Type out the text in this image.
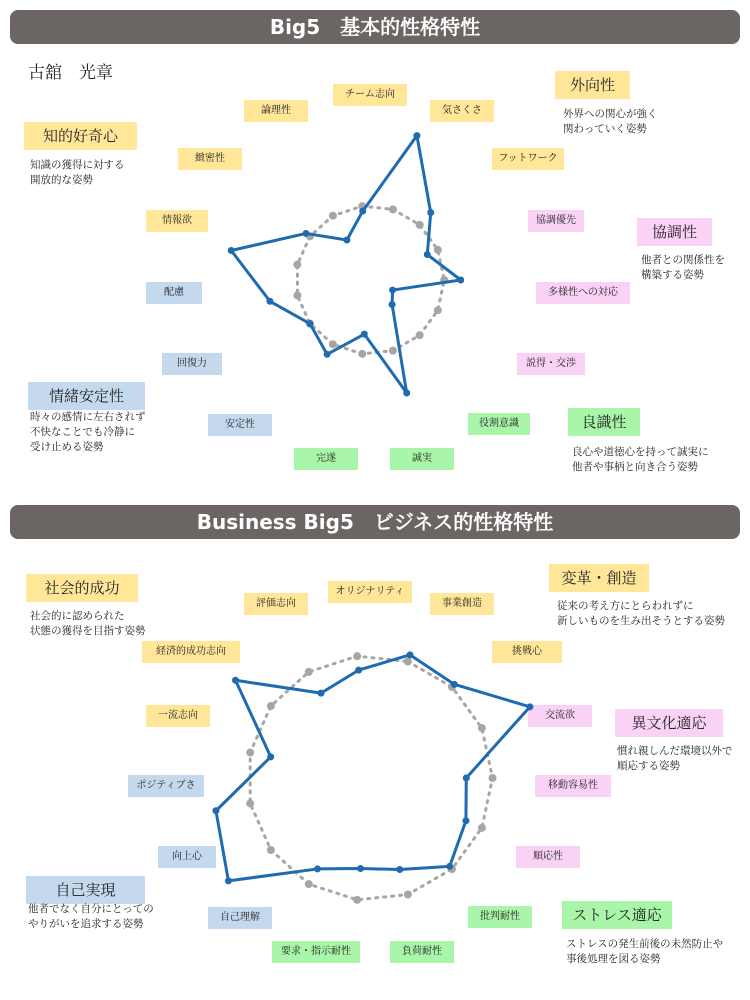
Big5　基本的性格特性
古舘　光章
Business Big5　ビジネス的性格特性
気さくさ
フットワーク
協調優先
多様性への対応
説得・交渉
役割意識
誠実
完遂
安定性
回復力
配慮
情報欲
緻密性
論理性
チーム志向
外向性
外界への関心が強く
関わっていく姿勢
協調性
他者との関係性を
構築する姿勢
良識性
良心や道徳心を持って誠実に
他者や事柄と向き合う姿勢
情緒安定性
時々の感情に左右されず
不快なことでも冷静に
受け止める姿勢
知的好奇心
知識の獲得に対する
開放的な姿勢
事業創造
挑戦心
交流欲
移動容易性
順応性
批判耐性
負荷耐性
要求・指示耐性
自己理解
向上心
ポジティブさ
一流志向
経済的成功志向
評価志向
オリジナリティ
変革・創造
従来の考え方にとらわれずに
新しいものを生み出そうとする姿勢
異文化適応
慣れ親しんだ環境以外で
順応する姿勢
ストレス適応
ストレスの発生前後の未然防止や
事後処理を図る姿勢
自己実現
他者でなく自分にとっての
やりがいを追求する姿勢
社会的成功
社会的に認められた
状態の獲得を目指す姿勢
